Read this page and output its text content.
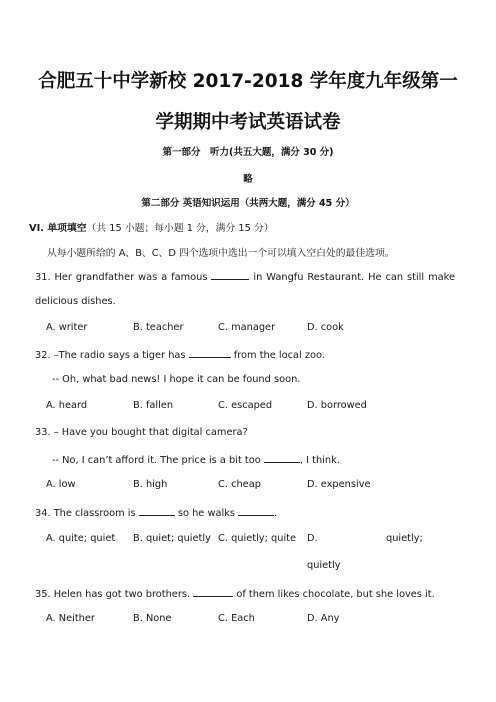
合肥五十中学新校 2017-2018 学年度九年级第一
学期期中考试英语试卷
第一部分　听力(共五大题，满分 30 分)
略
第二部分 英语知识运用（共两大题，满分 45 分）
VI. 单项填空（共 15 小题；每小题 1 分，满分 15 分）
从每小题所给的 A、B、C、D 四个选项中选出一个可以填入空白处的最佳选项。
31. Her grandfather was a famous	in Wangfu Restaurant. He can still make
delicious dishes.
A. writer	B. teacher	C. manager	D. cook
32. –The radio says a tiger has	from the local zoo.
-- Oh, what bad news! I hope it can be found soon.
A. heard	B. fallen	C. escaped	D. borrowed
33. – Have you bought that digital camera?
-- No, I can’t afford it. The price is a bit too	, I think.
A. low	B. high	C. cheap	D. expensive
34. The classroom is	so he walks	.
A. quite; quiet B. quiet; quietly C. quietly; quite D.	quietly;
quietly
35. Helen has got two brothers.	of them likes chocolate, but she loves it.
A. Neither	B. None	C. Each	D. Any
